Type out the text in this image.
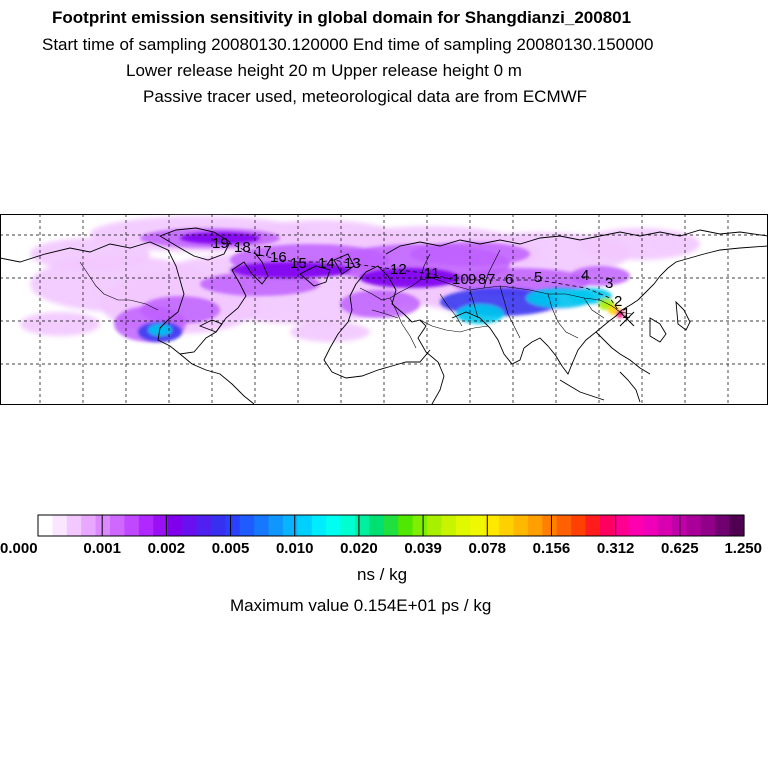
Footprint emission sensitivity in global domain for Shangdianzi_200801
Start time of sampling 20080130.120000 End time of sampling 20080130.150000
Lower release height 20 m Upper release height 0 m
Passive tracer used, meteorological data are from ECMWF
1
2
3
4
5
6
7
8
9
10
11
12
13
14
15
16
17
18
19
0.000	0.001 0.002 0.005 0.010 0.020 0.039 0.078 0.156 0.312 0.625 1.250
ns / kg
Maximum value 0.154E+01 ps / kg
